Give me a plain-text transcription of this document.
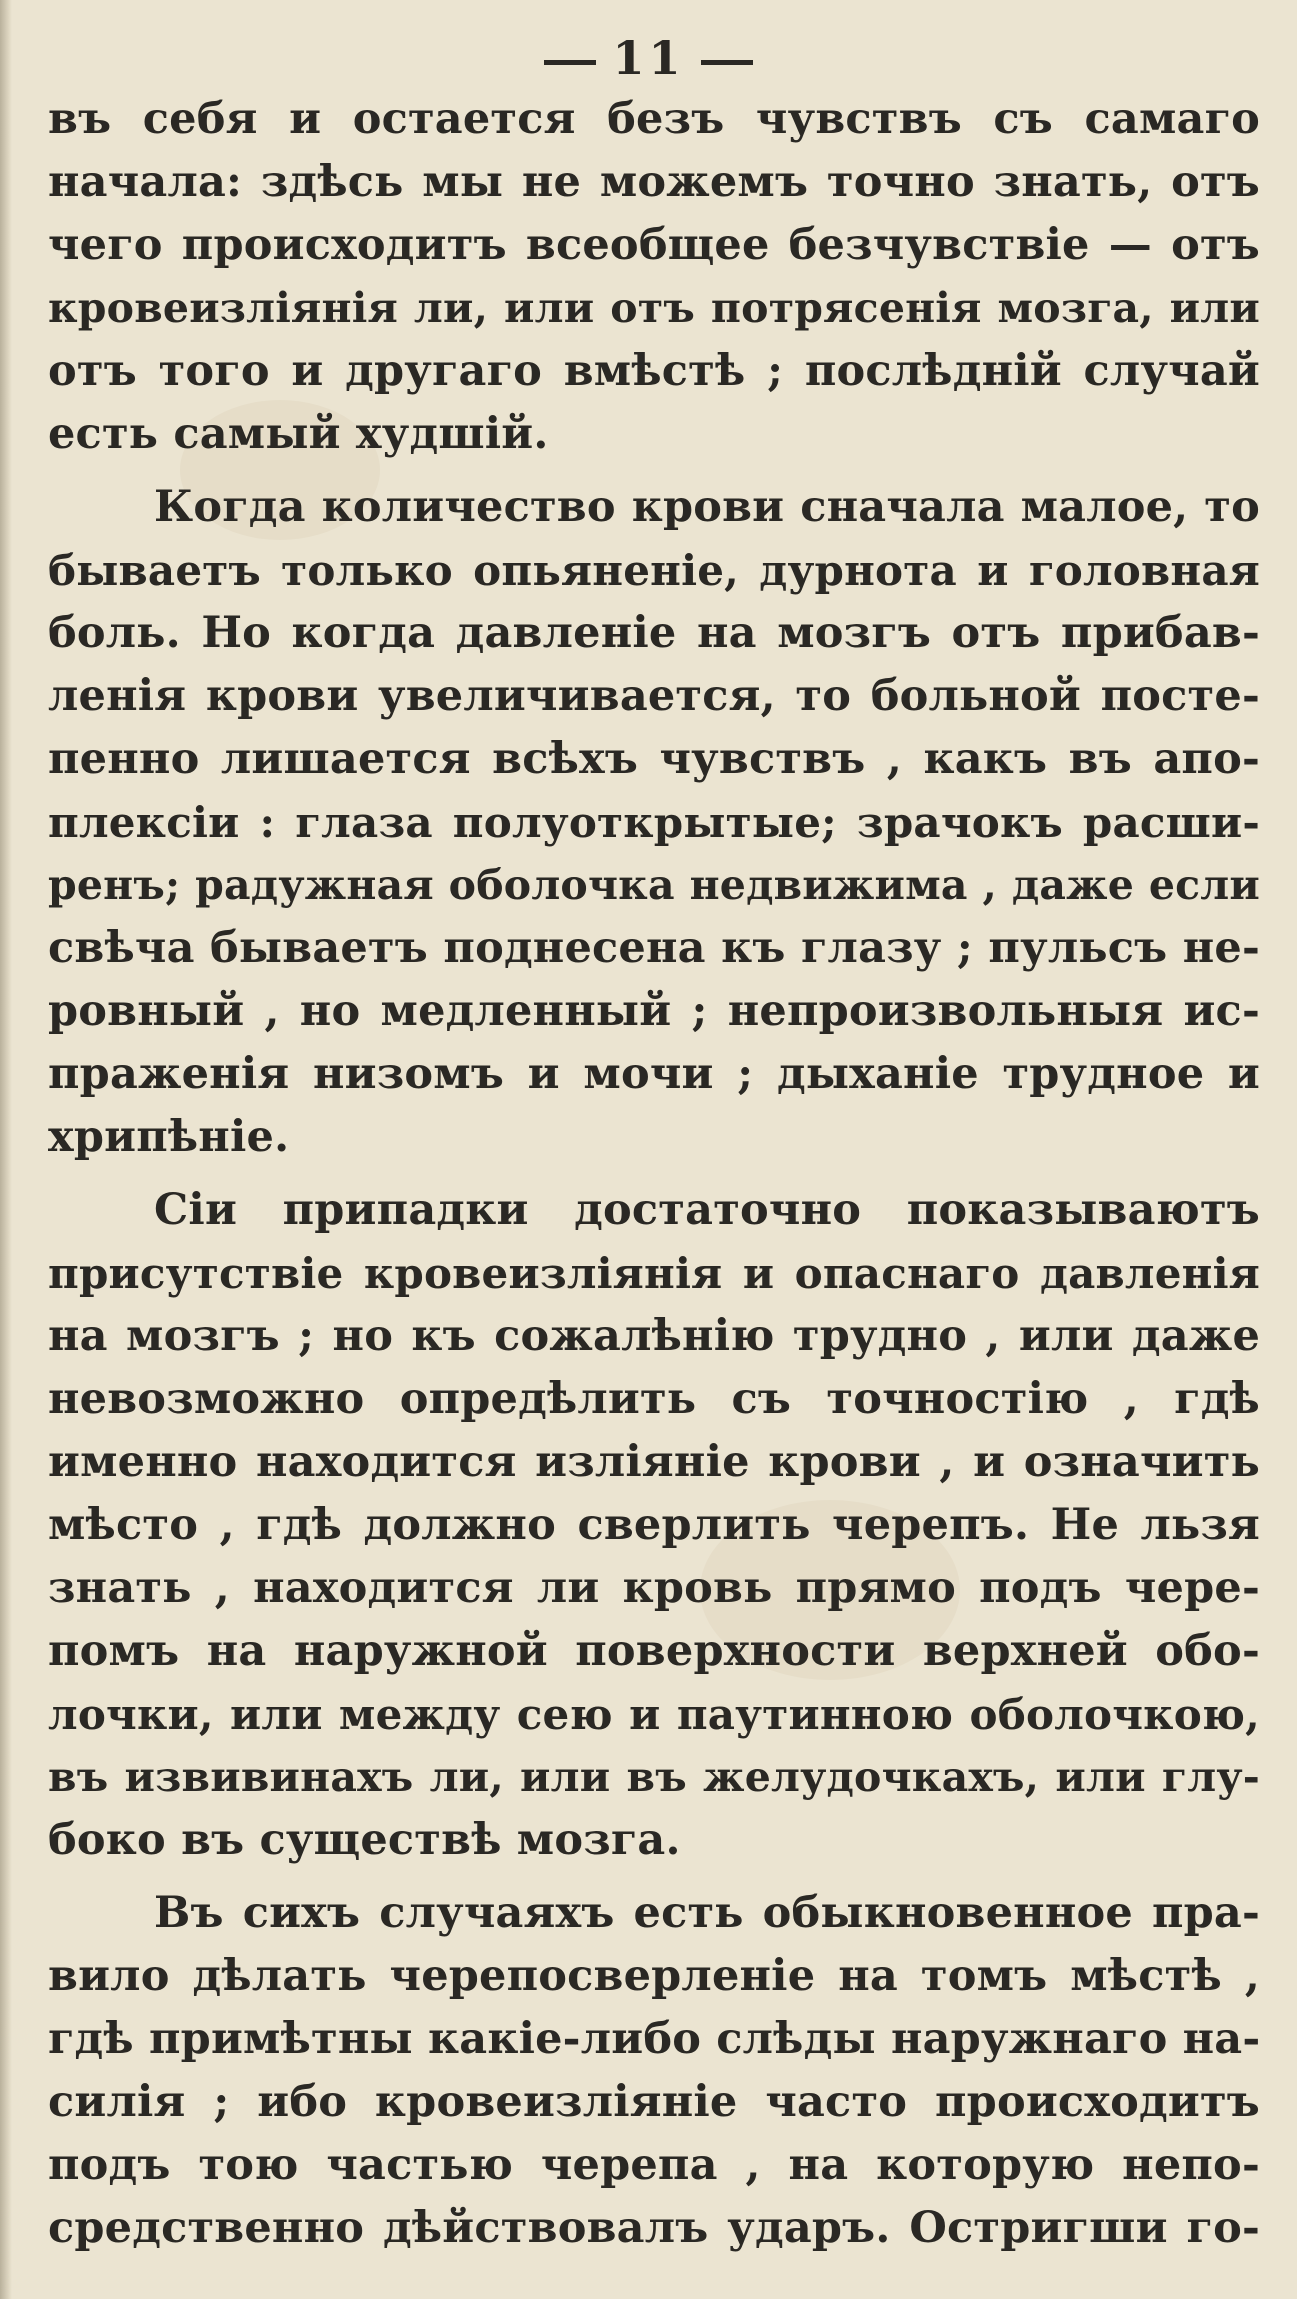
11
въ себя и остается безъ чувствъ съ самаго
начала: здѣсь мы не можемъ точно знать, отъ
чего происходитъ всеобщее безчувствіе — отъ
кровеизліянія ли, или отъ потрясенія мозга, или
отъ того и другаго вмѣстѣ ; послѣдній случай
есть самый худшій.
Когда количество крови сначала малое, то
бываетъ только опьяненіе, дурнота и головная
боль. Но когда давленіе на мозгъ отъ прибав-
ленія крови увеличивается, то больной посте-
пенно лишается всѣхъ чувствъ , какъ въ апо-
плексіи : глаза полуоткрытые; зрачокъ расши-
ренъ; радужная оболочка недвижима , даже если
свѣча бываетъ поднесена къ глазу ; пульсъ не-
ровный , но медленный ; непроизвольныя ис-
праженія низомъ и мочи ; дыханіе трудное и
хрипѣніе.
Сіи припадки достаточно показываютъ
присутствіе кровеизліянія и опаснаго давленія
на мозгъ ; но къ сожалѣнію трудно , или даже
невозможно опредѣлить съ точностію , гдѣ
именно находится изліяніе крови , и означить
мѣсто , гдѣ должно сверлить черепъ. Не льзя
знать , находится ли кровь прямо подъ чере-
помъ на наружной поверхности верхней обо-
лочки, или между сею и паутинною оболочкою,
въ извивинахъ ли, или въ желудочкахъ, или глу-
боко въ существѣ мозга.
Въ сихъ случаяхъ есть обыкновенное пра-
вило дѣлать черепосверленіе на томъ мѣстѣ ,
гдѣ примѣтны какіе-либо слѣды наружнаго на-
силія ; ибо кровеизліяніе часто происходитъ
подъ тою частью черепа , на которую непо-
средственно дѣйствовалъ ударъ. Остригши го-
